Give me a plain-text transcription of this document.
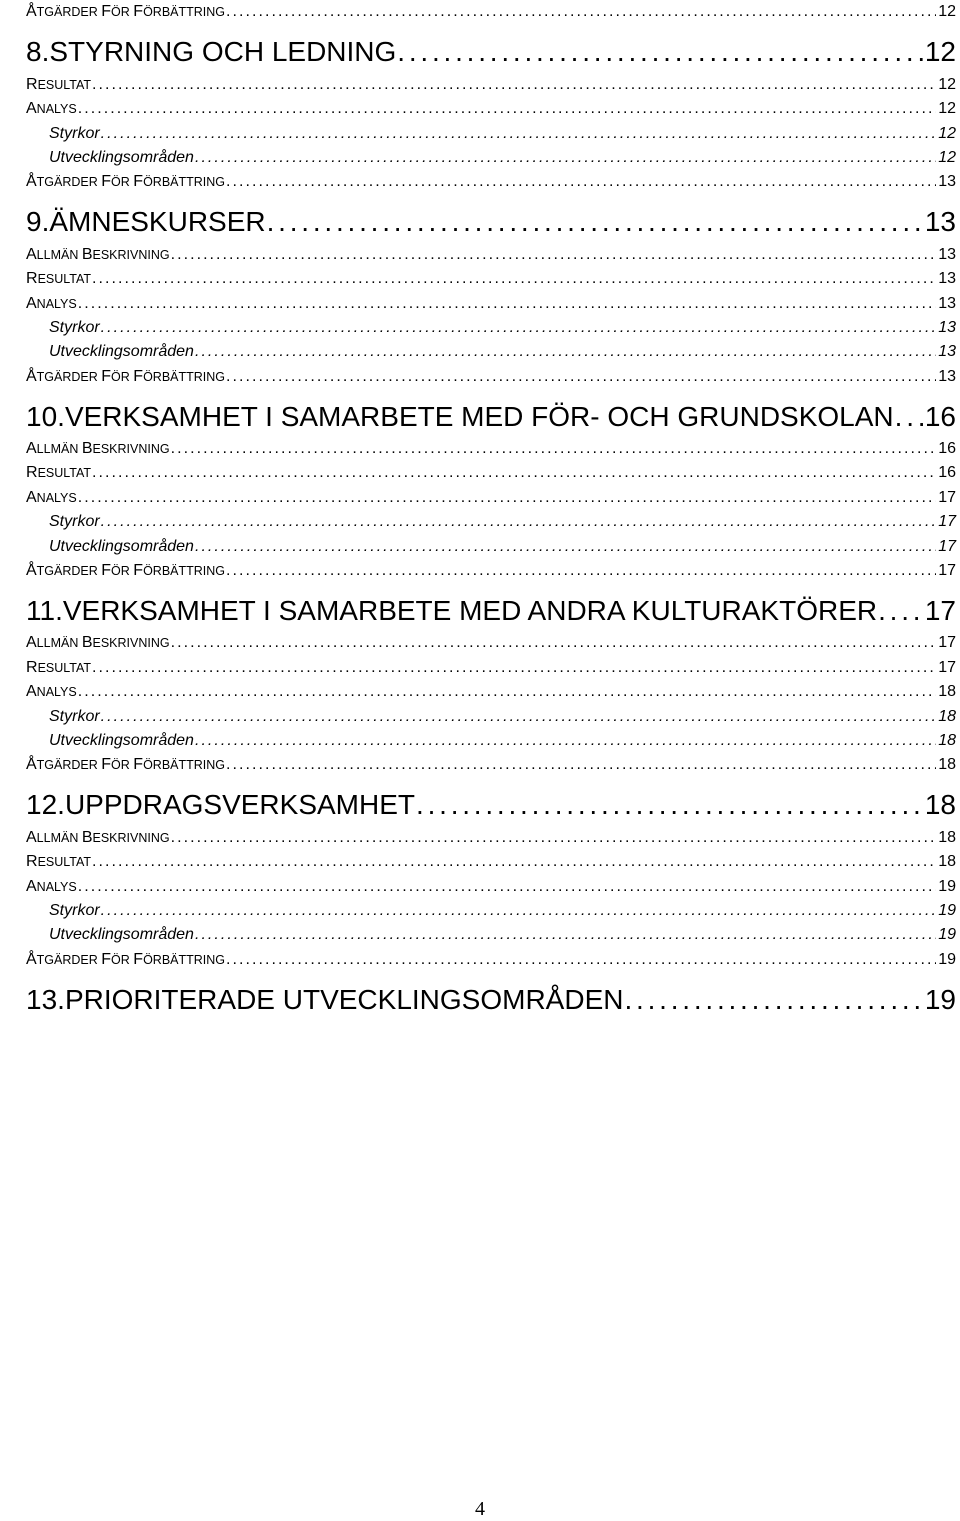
ÅTGÄRDER FÖR FÖRBÄTTRING . . .	12
8. STYRNING OCH LEDNING . . .	12
RESULTAT . . .	12
ANALYS . . .	12
Styrkor . . .	12
Utvecklingsområden . . .	12
ÅTGÄRDER FÖR FÖRBÄTTRING . . .	13
9. ÄMNESKURSER . . .	13
ALLMÄN BESKRIVNING . . .	13
RESULTAT . . .	13
ANALYS . . .	13
Styrkor . . .	13
Utvecklingsområden . . .	13
ÅTGÄRDER FÖR FÖRBÄTTRING . . .	13
10. VERKSAMHET I SAMARBETE MED FÖR- OCH GRUNDSKOLAN . . . 16
ALLMÄN BESKRIVNING . . .	16
RESULTAT . . .	16
ANALYS . . .	17
Styrkor . . .	17
Utvecklingsområden . . .	17
ÅTGÄRDER FÖR FÖRBÄTTRING . . .	17
11. VERKSAMHET I SAMARBETE MED ANDRA KULTURAKTÖRER . . . 17
ALLMÄN BESKRIVNING . . .	17
RESULTAT . . .	17
ANALYS . . .	18
Styrkor . . .	18
Utvecklingsområden . . .	18
ÅTGÄRDER FÖR FÖRBÄTTRING . . .	18
12. UPPDRAGSVERKSAMHET . . .	18
ALLMÄN BESKRIVNING . . .	18
RESULTAT . . .	18
ANALYS . . .	19
Styrkor . . .	19
Utvecklingsområden . . .	19
ÅTGÄRDER FÖR FÖRBÄTTRING . . .	19
13. PRIORITERADE UTVECKLINGSOMRÅDEN . . .	19
4
